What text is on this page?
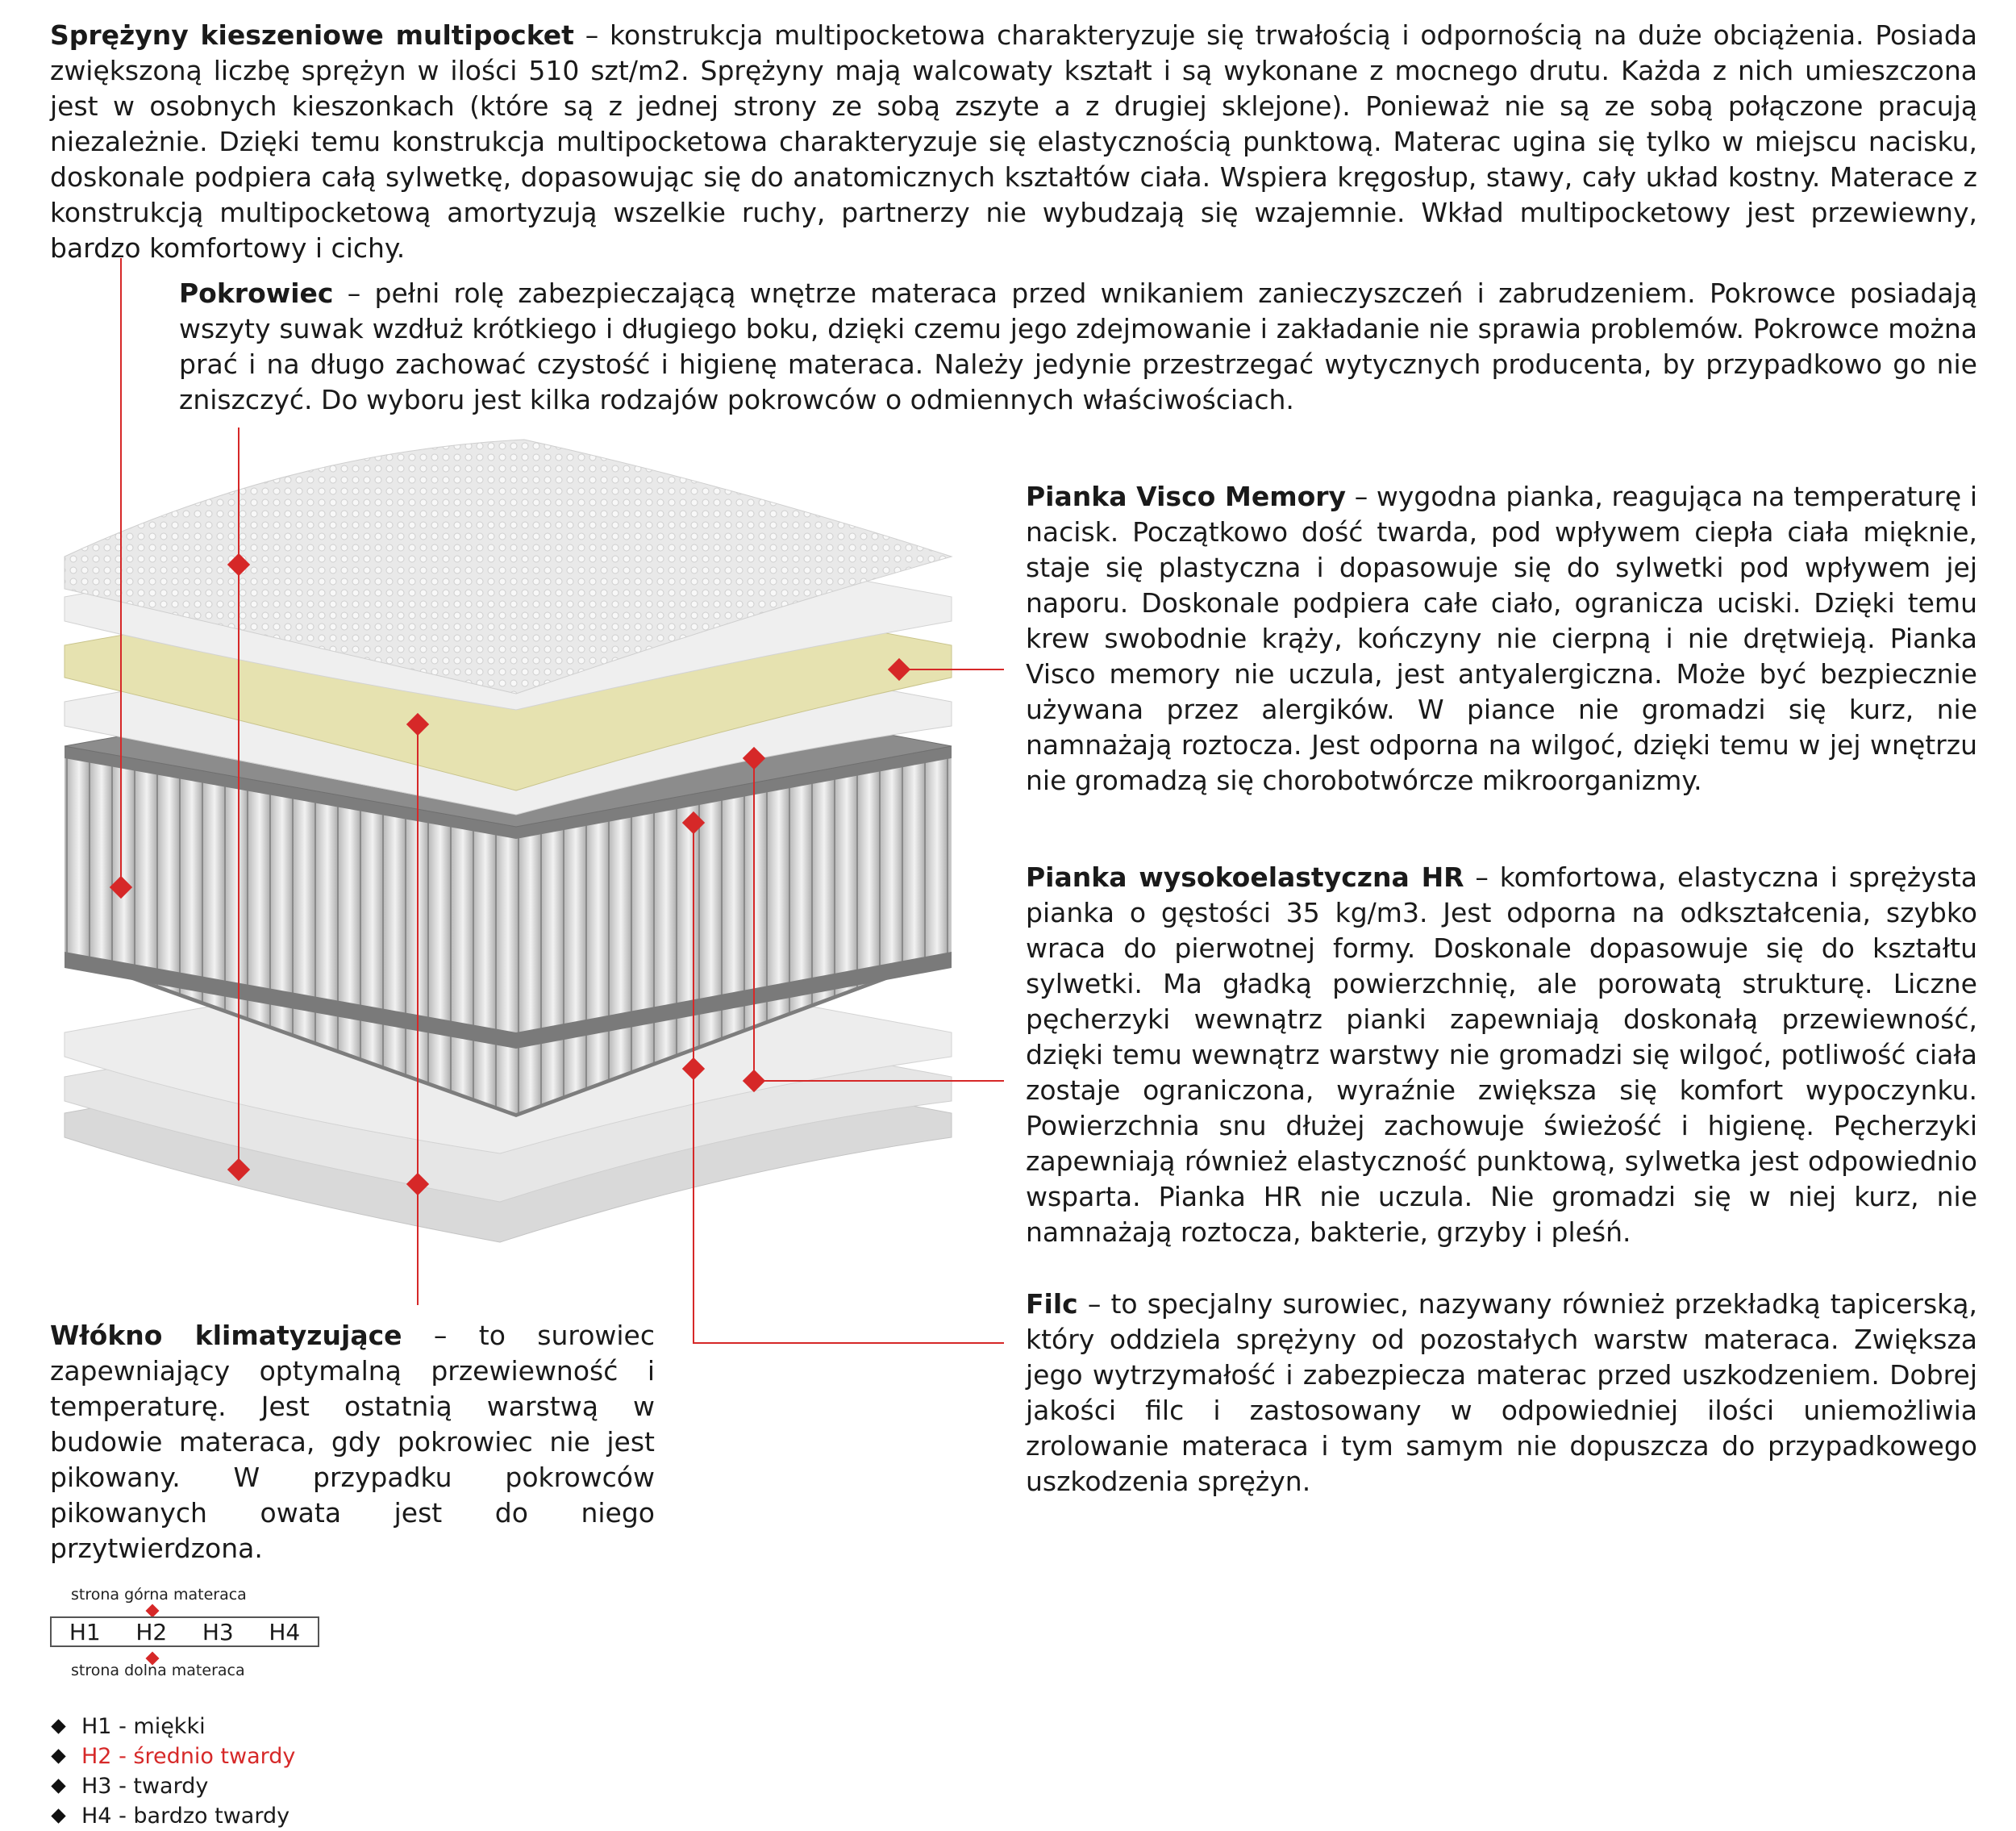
Sprężyny kieszeniowe multipocket – konstrukcja multipocketowa charakteryzuje się trwałością i odpornością na duże obciążenia. Posiada zwiększoną liczbę sprężyn w ilości 510 szt/m2. Sprężyny mają walcowaty kształt i są wykonane z mocnego drutu. Każda z nich umieszczona jest w osobnych kieszonkach (które są z jednej strony ze sobą zszyte a z drugiej sklejone). Ponieważ nie są ze sobą połączone pracują niezależnie. Dzięki temu konstrukcja multipocketowa charakteryzuje się elastycznością punktową. Materac ugina się tylko w miejscu nacisku, doskonale podpiera całą sylwetkę, dopasowując się do anatomicznych kształtów ciała. Wspiera kręgosłup, stawy, cały układ kostny. Materace z konstrukcją multipocketową amortyzują wszelkie ruchy, partnerzy nie wybudzają się wzajemnie. Wkład multipocketowy jest przewiewny, bardzo komfortowy i cichy.
Pokrowiec – pełni rolę zabezpieczającą wnętrze materaca przed wnikaniem zanieczyszczeń i zabrudzeniem. Pokrowce posiadają wszyty suwak wzdłuż krótkiego i długiego boku, dzięki czemu jego zdejmowanie i zakładanie nie sprawia problemów. Pokrowce można prać i na długo zachować czystość i higienę materaca. Należy jedynie przestrzegać wytycznych producenta, by przypadkowo go nie zniszczyć. Do wyboru jest kilka rodzajów pokrowców o odmiennych właściwościach.
Pianka Visco Memory – wygodna pianka, reagująca na temperaturę i nacisk. Początkowo dość twarda, pod wpływem ciepła ciała mięknie, staje się plastyczna i dopasowuje się do sylwetki pod wpływem jej naporu. Doskonale podpiera całe ciało, ogranicza uciski. Dzięki temu krew swobodnie krąży, kończyny nie cierpną i nie drętwieją. Pianka Visco memory nie uczula, jest antyalergiczna. Może być bezpiecznie używana przez alergików. W piance nie gromadzi się kurz, nie namnażają roztocza. Jest odporna na wilgoć, dzięki temu w jej wnętrzu nie gromadzą się chorobotwórcze mikroorganizmy.
Pianka wysokoelastyczna HR – komfortowa, elastyczna i sprężysta pianka o gęstości 35 kg/m3. Jest odporna na odkształcenia, szybko wraca do pierwotnej formy. Doskonale dopasowuje się do kształtu sylwetki. Ma gładką powierzchnię, ale porowatą strukturę. Liczne pęcherzyki wewnątrz pianki zapewniają doskonałą przewiewność, dzięki temu wewnątrz warstwy nie gromadzi się wilgoć, potliwość ciała zostaje ograniczona, wyraźnie zwiększa się komfort wypoczynku. Powierzchnia snu dłużej zachowuje świeżość i higienę. Pęcherzyki zapewniają również elastyczność punktową, sylwetka jest odpowiednio wsparta. Pianka HR nie uczula. Nie gromadzi się w niej kurz, nie namnażają roztocza, bakterie, grzyby i pleśń.
Filc – to specjalny surowiec, nazywany również przekładką tapicerską, który oddziela sprężyny od pozostałych warstw materaca. Zwiększa jego wytrzymałość i zabezpiecza materac przed uszkodzeniem. Dobrej jakości filc i zastosowany w odpowiedniej ilości uniemożliwia zrolowanie materaca i tym samym nie dopuszcza do przypadkowego uszkodzenia sprężyn.
Włókno klimatyzujące – to surowiec zapewniający optymalną przewiewność i temperaturę. Jest ostatnią warstwą w budowie materaca, gdy pokrowiec nie jest pikowany. W przypadku pokrowców pikowanych owata jest do niego przytwierdzona.
strona górna materaca
H1 H2 H3 H4
strona dolna materaca
H1 - miękki
H2 - średnio twardy
H3 - twardy
H4 - bardzo twardy
